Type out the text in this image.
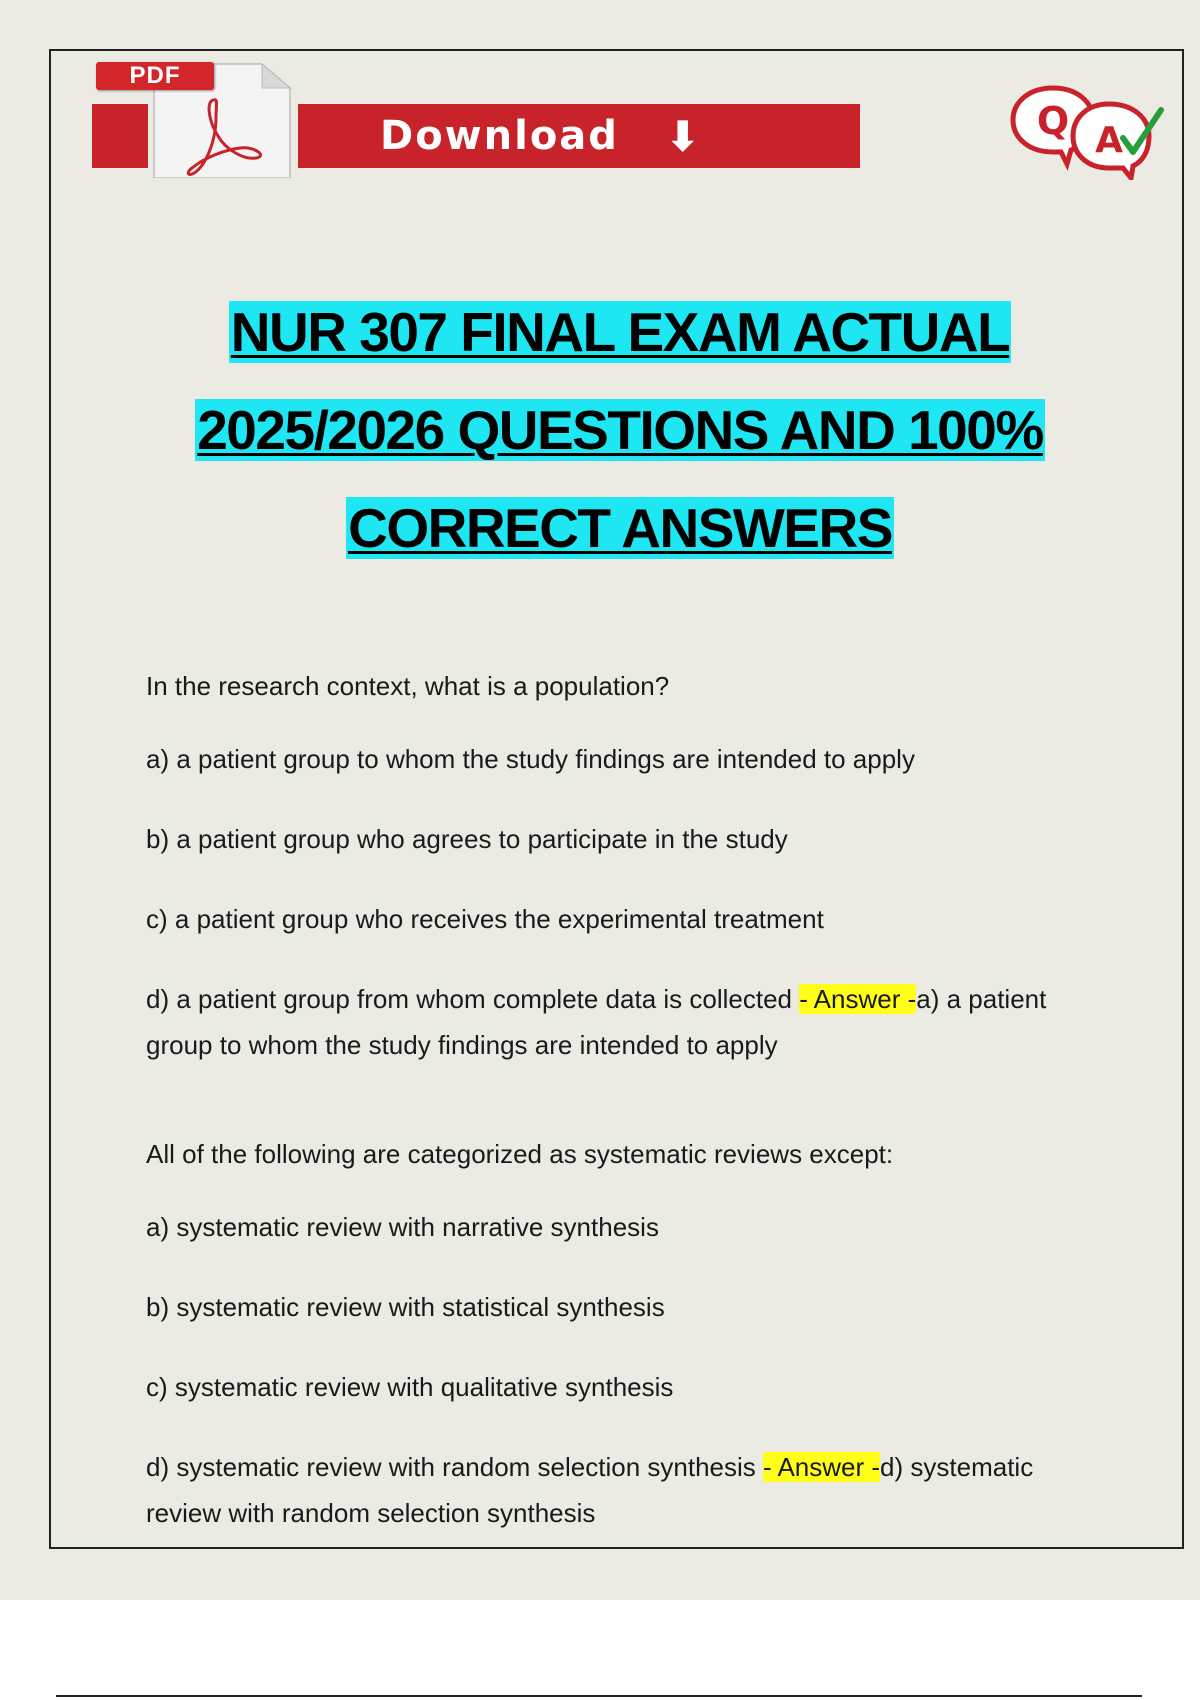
PDF
Download ⬇	Q A
NUR 307 FINAL EXAM ACTUAL
2025/2026 QUESTIONS AND 100%
CORRECT ANSWERS
In the research context, what is a population?
a) a patient group to whom the study findings are intended to apply
b) a patient group who agrees to participate in the study
c) a patient group who receives the experimental treatment
d) a patient group from whom complete data is collected - Answer -a) a patient group to whom the study findings are intended to apply
All of the following are categorized as systematic reviews except:
a) systematic review with narrative synthesis
b) systematic review with statistical synthesis
c) systematic review with qualitative synthesis
d) systematic review with random selection synthesis - Answer -d) systematic review with random selection synthesis
